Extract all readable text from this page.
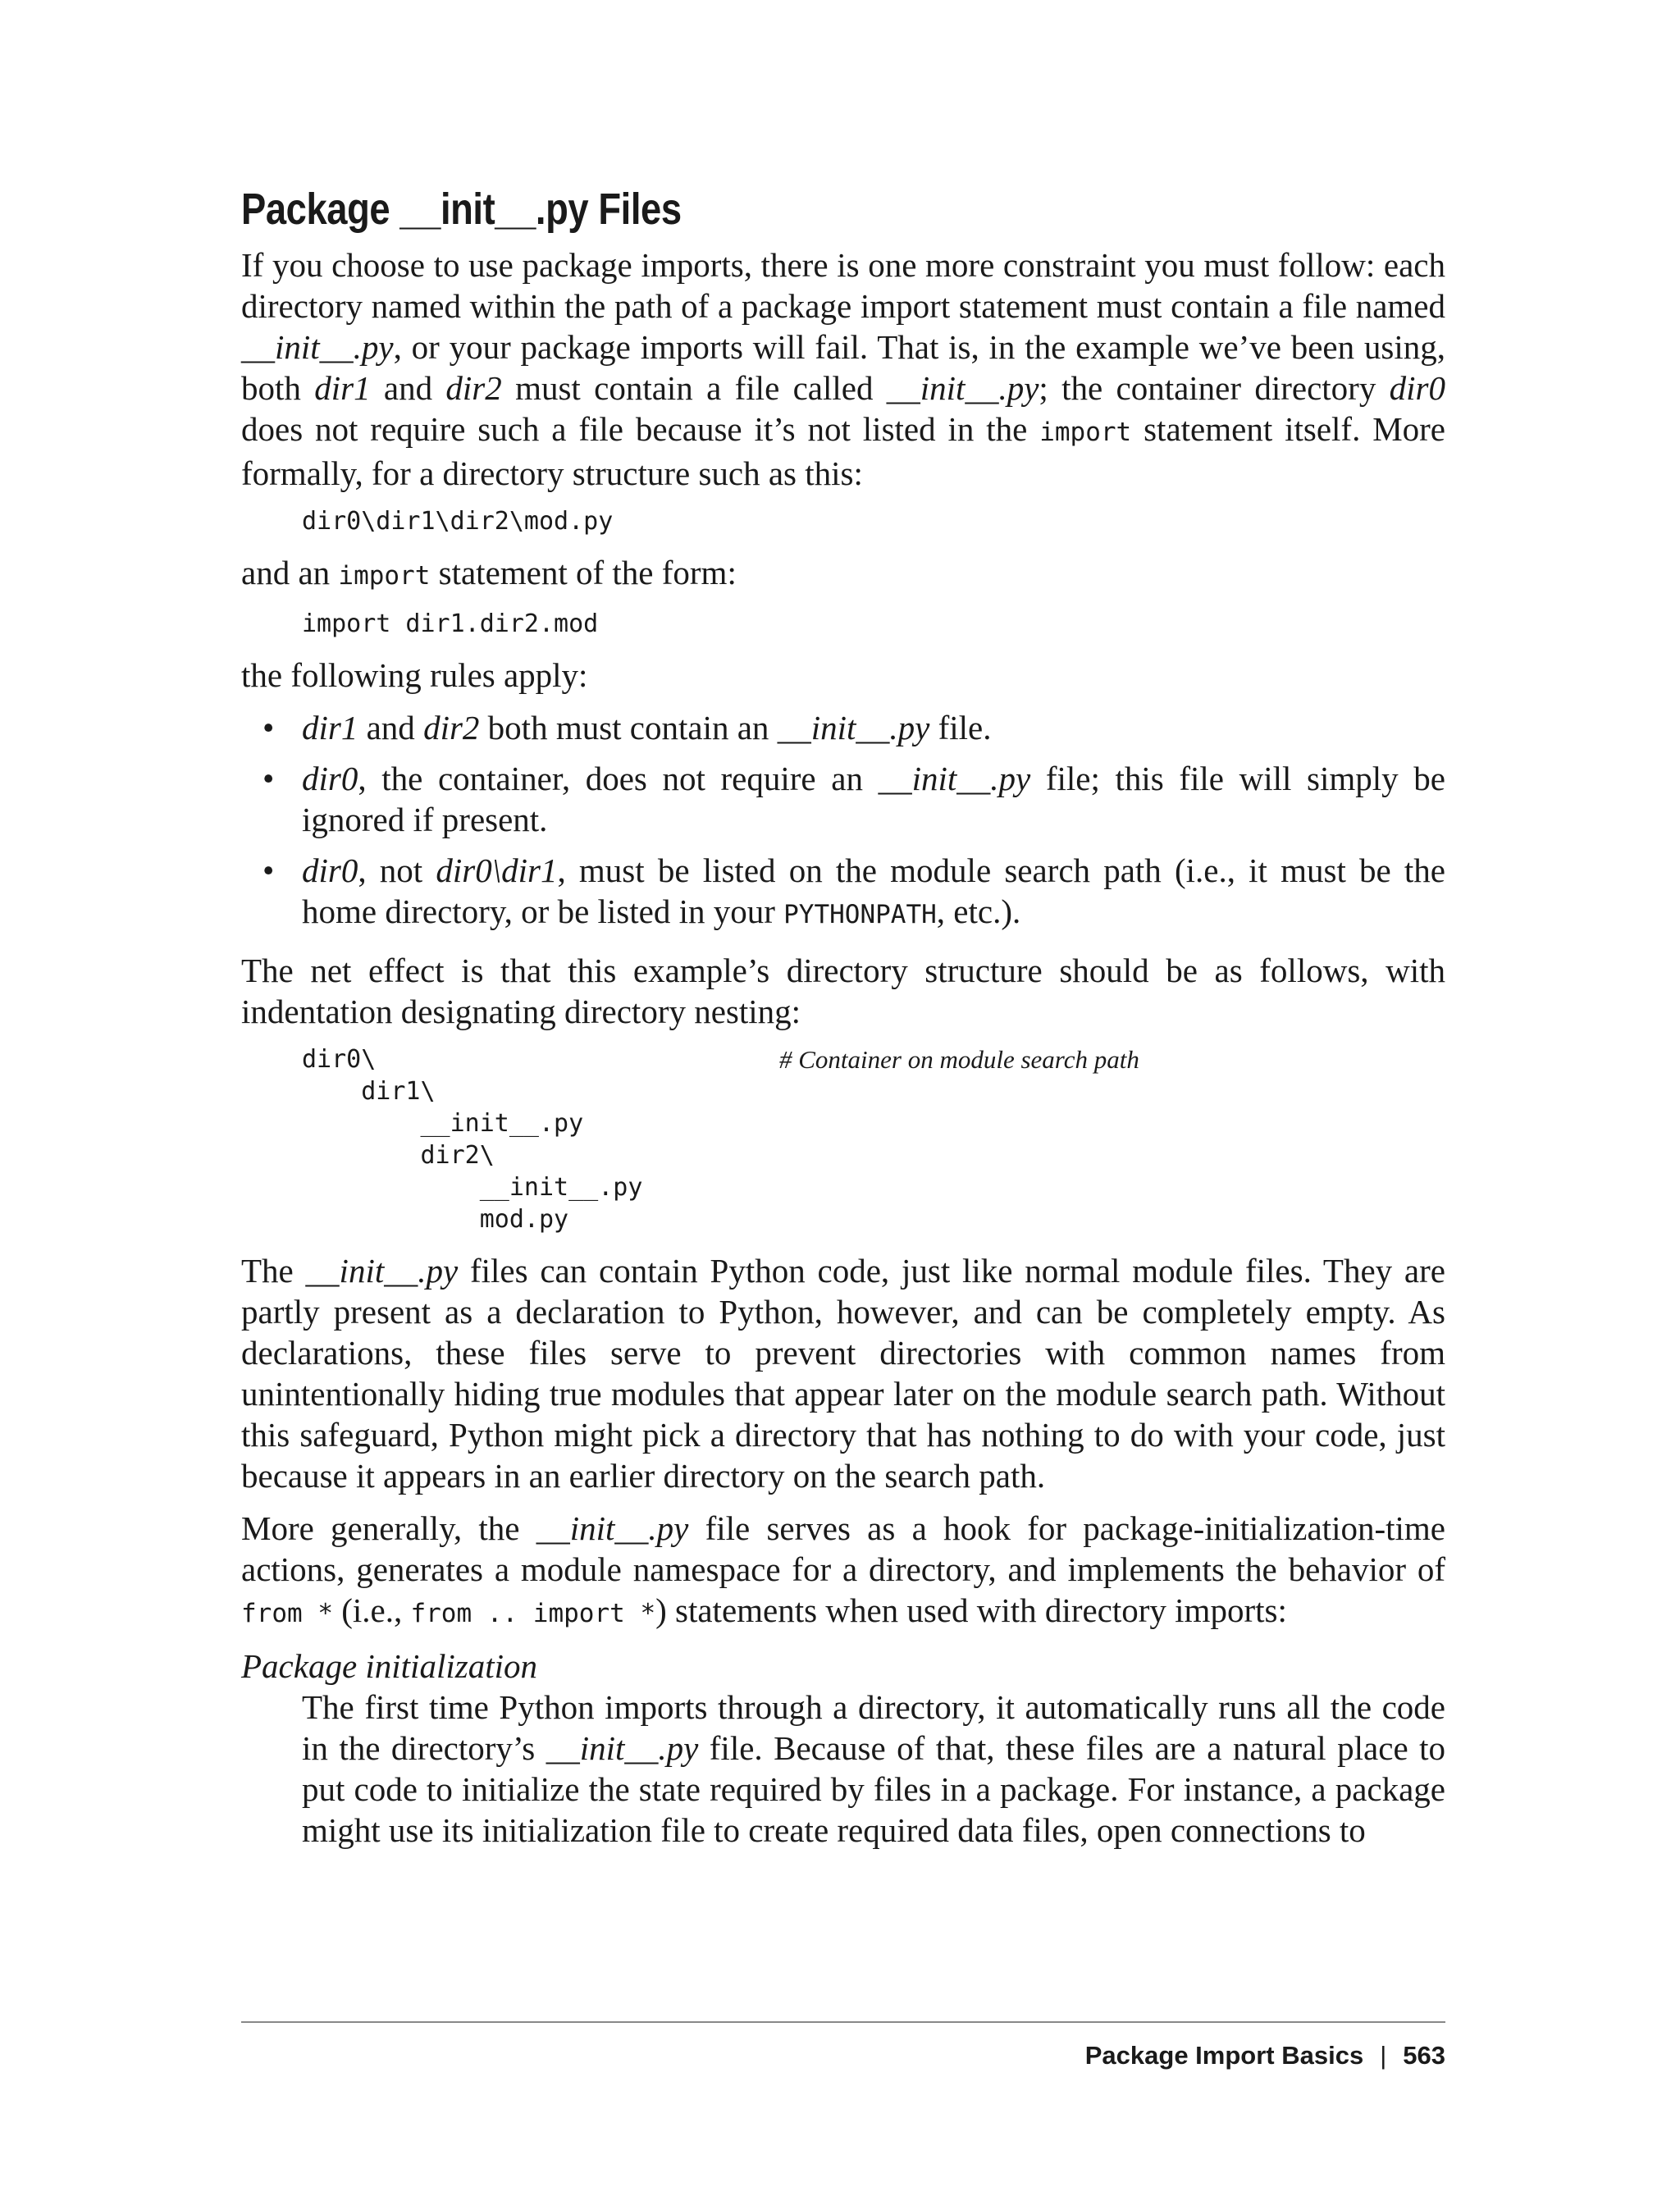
Package __init__.py Files

If you choose to use package imports, there is one more constraint you must follow: each directory named within the path of a package import statement must contain a file named __init__.py, or your package imports will fail. That is, in the example we’ve been using, both dir1 and dir2 must contain a file called __init__.py; the container directory dir0 does not require such a file because it’s not listed in the import statement itself. More formally, for a directory structure such as this:

dir0\dir1\dir2\mod.py

and an import statement of the form:

import dir1.dir2.mod

the following rules apply:

• dir1 and dir2 both must contain an __init__.py file.
• dir0, the container, does not require an __init__.py file; this file will simply be ignored if present.
• dir0, not dir0\dir1, must be listed on the module search path (i.e., it must be the home directory, or be listed in your PYTHONPATH, etc.).

The net effect is that this example’s directory structure should be as follows, with indentation designating directory nesting:

dir0\	# Container on module search path
dir1\
__init__.py
dir2\
__init__.py
mod.py

The __init__.py files can contain Python code, just like normal module files. They are partly present as a declaration to Python, however, and can be completely empty. As declarations, these files serve to prevent directories with common names from unintentionally hiding true modules that appear later on the module search path. Without this safeguard, Python might pick a directory that has nothing to do with your code, just because it appears in an earlier directory on the search path.

More generally, the __init__.py file serves as a hook for package-initialization-time actions, generates a module namespace for a directory, and implements the behavior of from * (i.e., from .. import *) statements when used with directory imports:

Package initialization

The first time Python imports through a directory, it automatically runs all the code in the directory’s __init__.py file. Because of that, these files are a natural place to put code to initialize the state required by files in a package. For instance, a package might use its initialization file to create required data files, open connections to

Package Import Basics | 563
